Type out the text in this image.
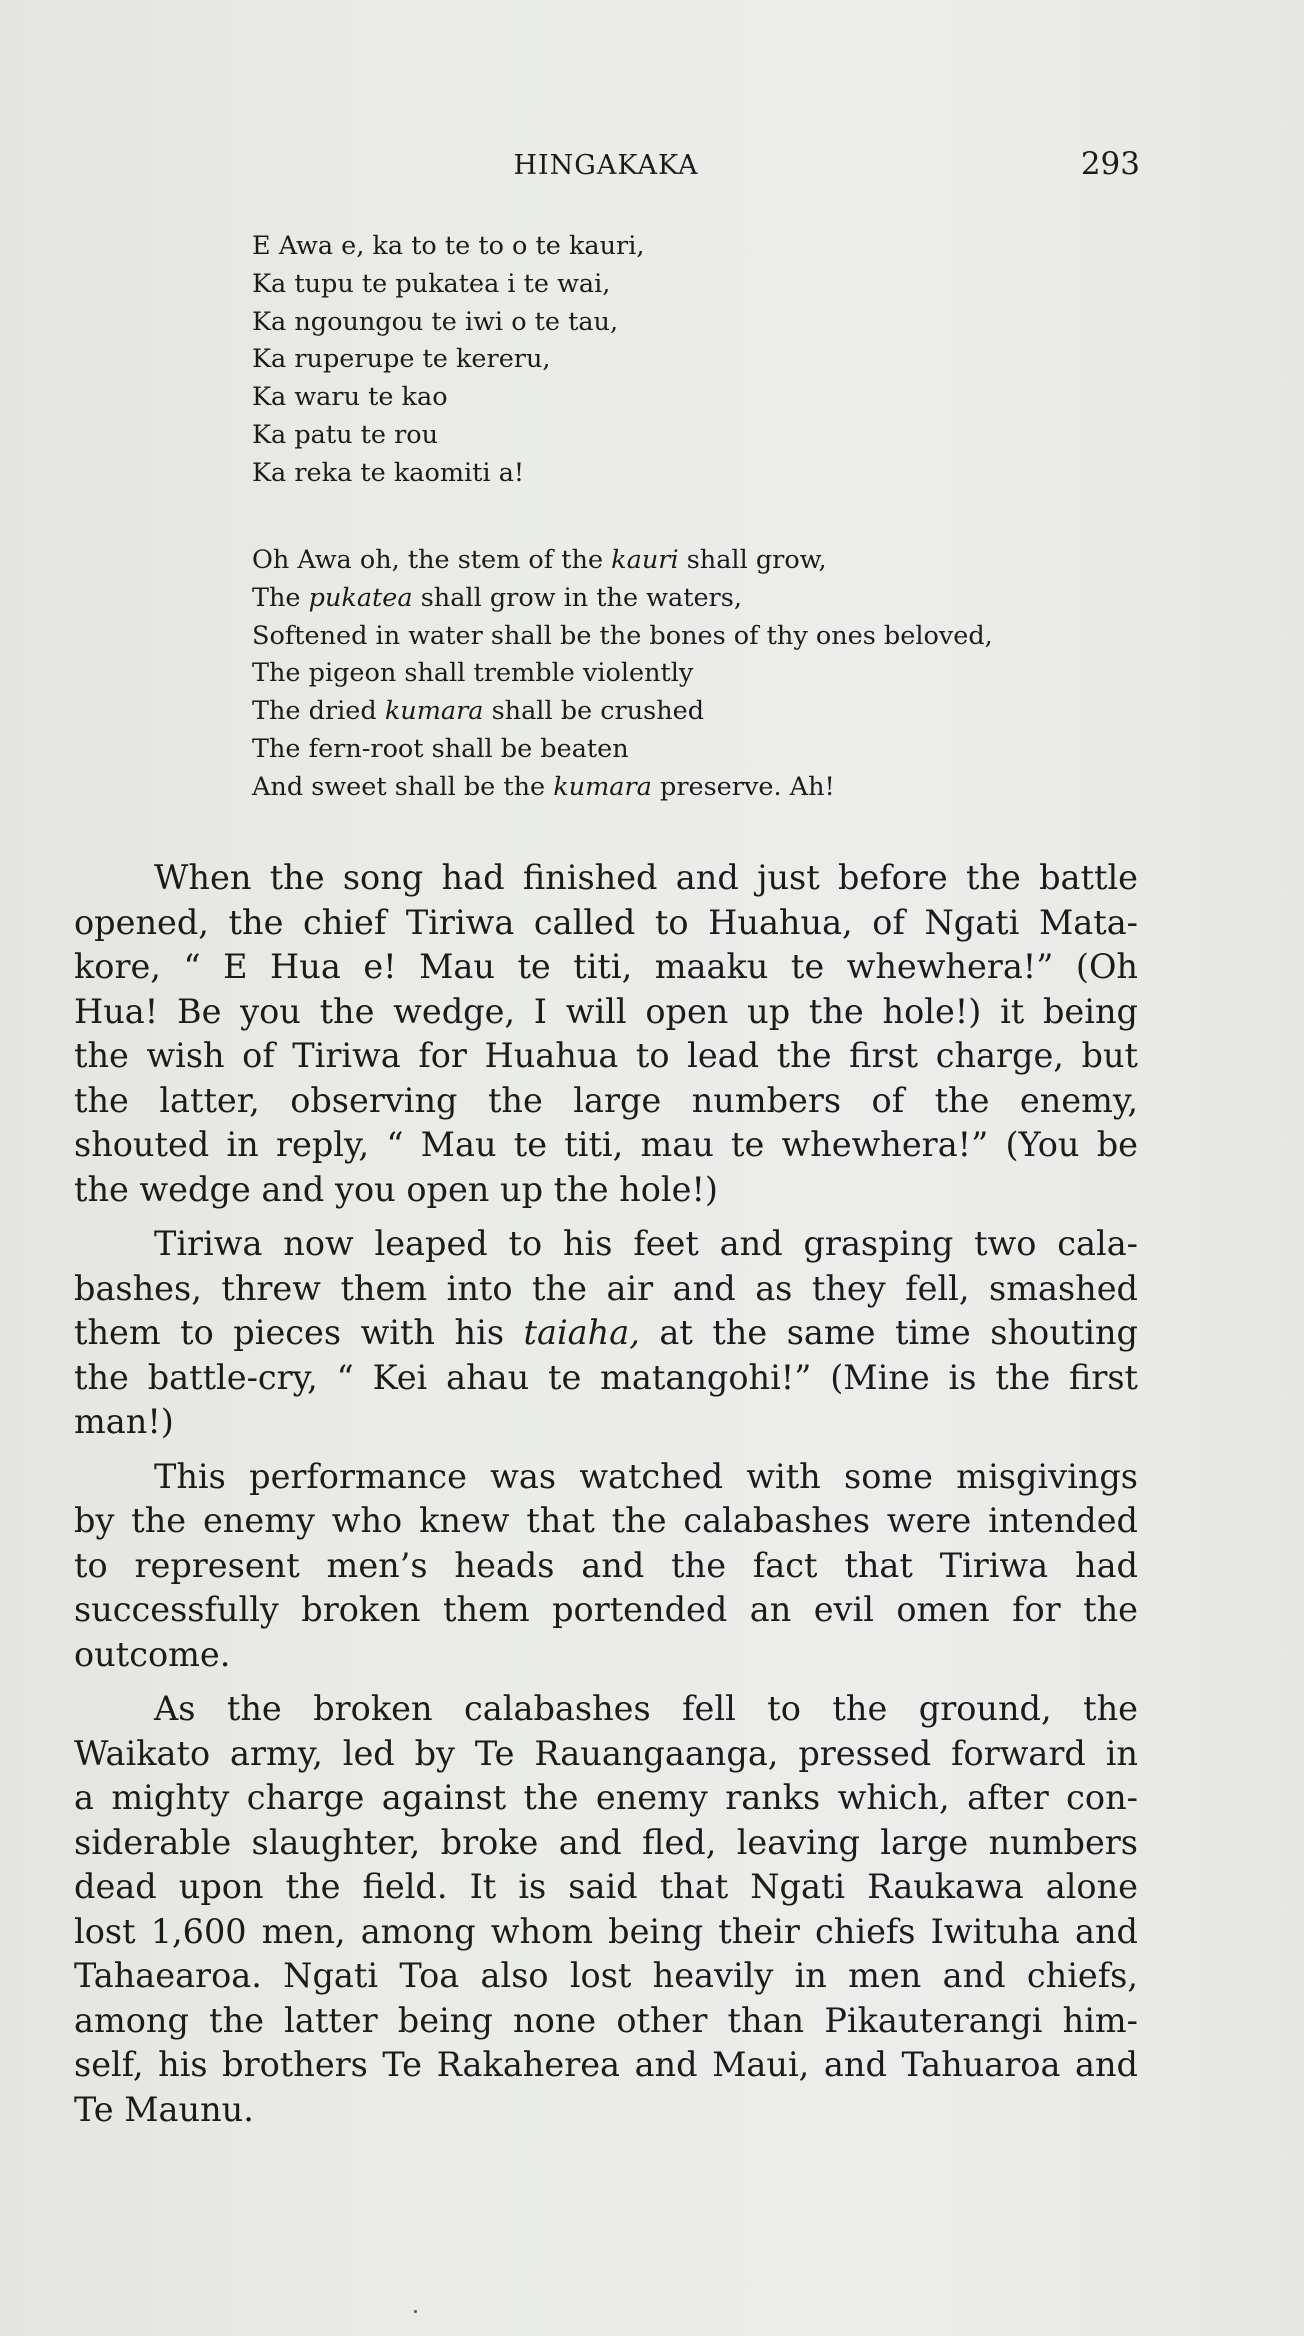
HINGAKAKA	293
E Awa e, ka to te to o te kauri,
Ka tupu te pukatea i te wai,
Ka ngoungou te iwi o te tau,
Ka ruperupe te kereru,
Ka waru te kao
Ka patu te rou
Ka reka te kaomiti a!
Oh Awa oh, the stem of the kauri shall grow,
The pukatea shall grow in the waters,
Softened in water shall be the bones of thy ones beloved,
The pigeon shall tremble violently
The dried kumara shall be crushed
The fern-root shall be beaten
And sweet shall be the kumara preserve. Ah!
When the song had finished and just before the battle
opened, the chief Tiriwa called to Huahua, of Ngati Mata-
kore, “ E Hua e! Mau te titi, maaku te whewhera!” (Oh
Hua! Be you the wedge, I will open up the hole!) it being
the wish of Tiriwa for Huahua to lead the first charge, but
the latter, observing the large numbers of the enemy,
shouted in reply, “ Mau te titi, mau te whewhera!” (You be
the wedge and you open up the hole!)
Tiriwa now leaped to his feet and grasping two cala-
bashes, threw them into the air and as they fell, smashed
them to pieces with his taiaha, at the same time shouting
the battle-cry, “ Kei ahau te matangohi!” (Mine is the first
man!)
This performance was watched with some misgivings
by the enemy who knew that the calabashes were intended
to represent men’s heads and the fact that Tiriwa had
successfully broken them portended an evil omen for the
outcome.
As the broken calabashes fell to the ground, the
Waikato army, led by Te Rauangaanga, pressed forward in
a mighty charge against the enemy ranks which, after con-
siderable slaughter, broke and fled, leaving large numbers
dead upon the field. It is said that Ngati Raukawa alone
lost 1,600 men, among whom being their chiefs Iwituha and
Tahaearoa. Ngati Toa also lost heavily in men and chiefs,
among the latter being none other than Pikauterangi him-
self, his brothers Te Rakaherea and Maui, and Tahuaroa and
Te Maunu.
